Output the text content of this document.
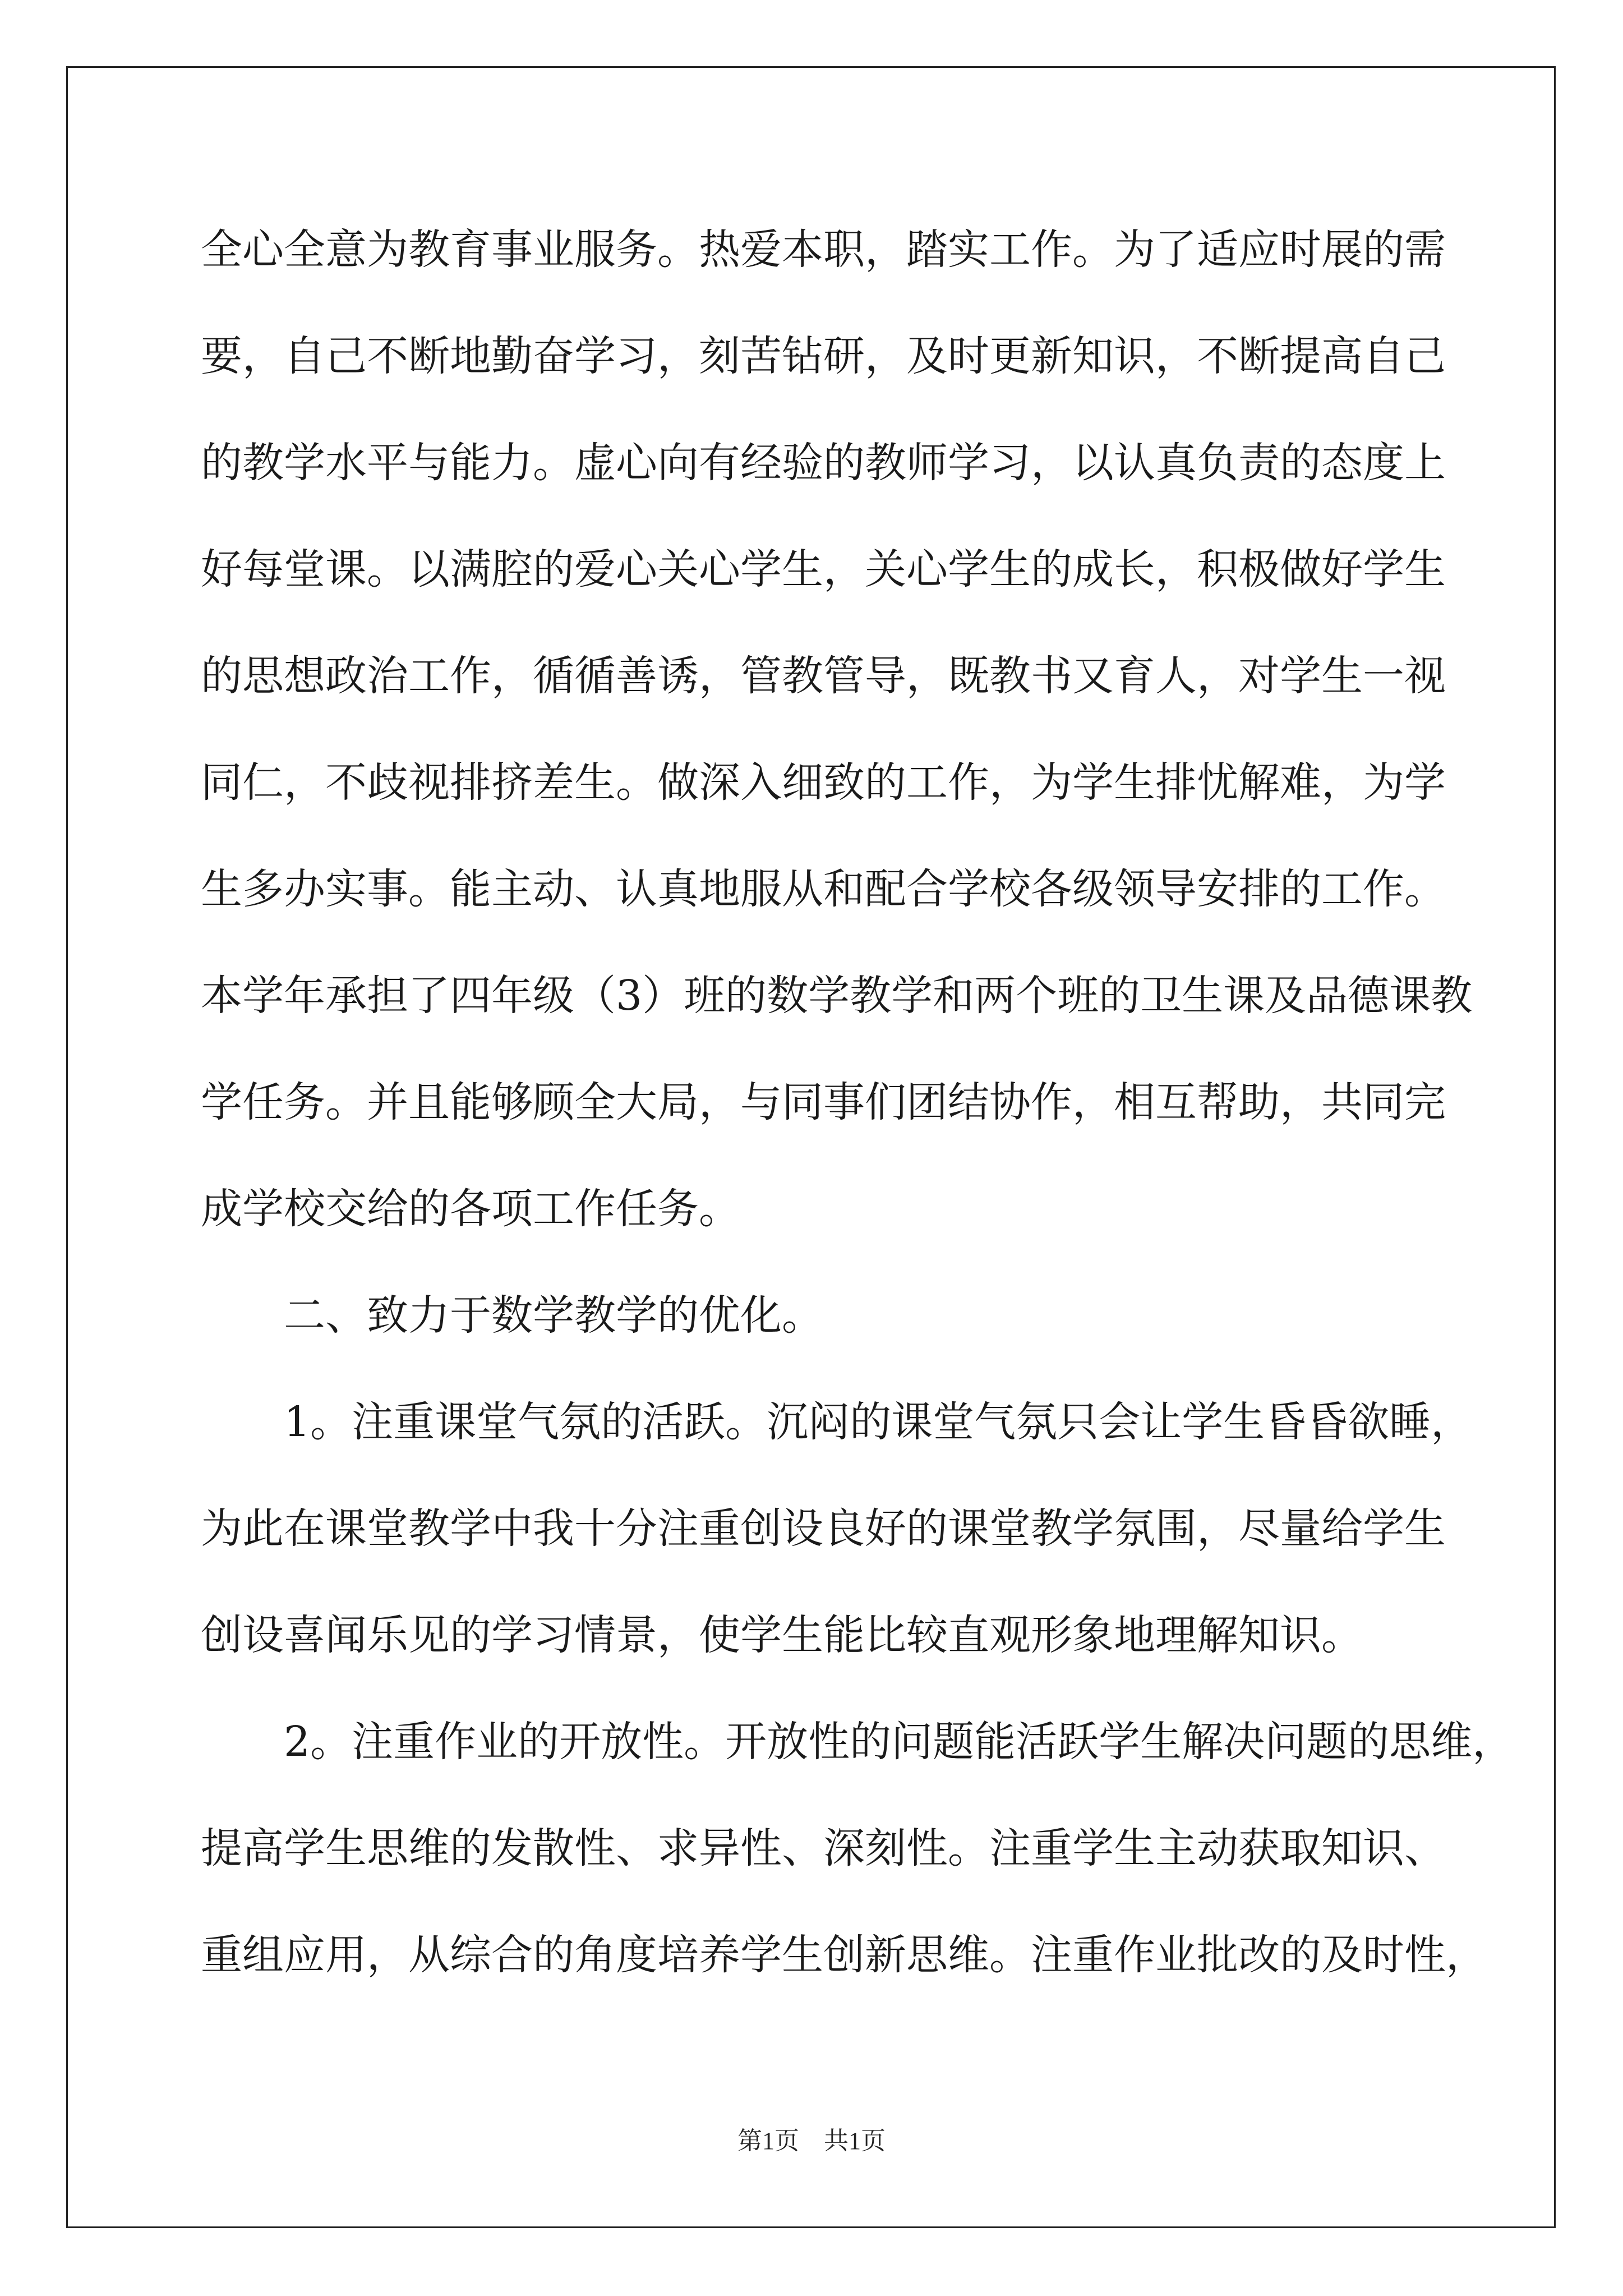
全心全意为教育事业服务。热爱本职，踏实工作。为了适应时展的需
要，自己不断地勤奋学习，刻苦钻研，及时更新知识，不断提高自己
的教学水平与能力。虚心向有经验的教师学习，以认真负责的态度上
好每堂课。以满腔的爱心关心学生，关心学生的成长，积极做好学生
的思想政治工作，循循善诱，管教管导，既教书又育人，对学生一视
同仁，不歧视排挤差生。做深入细致的工作，为学生排忧解难，为学
生多办实事。能主动、认真地服从和配合学校各级领导安排的工作。
本学年承担了四年级（3）班的数学教学和两个班的卫生课及品德课教
学任务。并且能够顾全大局，与同事们团结协作，相互帮助，共同完
成学校交给的各项工作任务。
二、致力于数学教学的优化。
1。注重课堂气氛的活跃。沉闷的课堂气氛只会让学生昏昏欲睡，
为此在课堂教学中我十分注重创设良好的课堂教学氛围，尽量给学生
创设喜闻乐见的学习情景，使学生能比较直观形象地理解知识。
2。注重作业的开放性。开放性的问题能活跃学生解决问题的思维，
提高学生思维的发散性、求异性、深刻性。注重学生主动获取知识、
重组应用，从综合的角度培养学生创新思维。注重作业批改的及时性，
第1页 共1页
